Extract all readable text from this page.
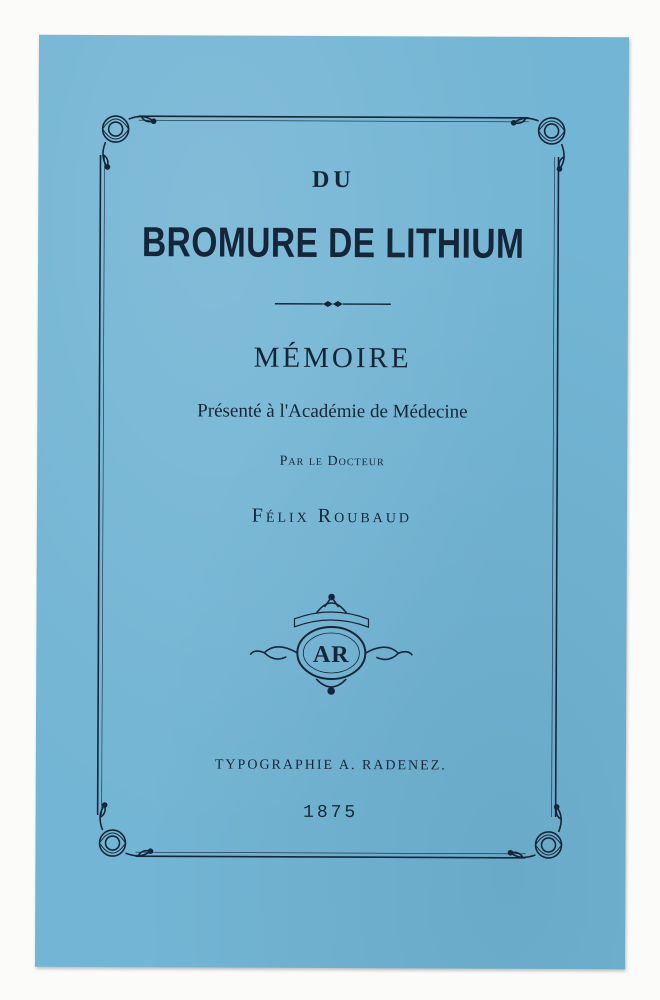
DU
BROMURE DE LITHIUM
MÉMOIRE
Présenté à l'Académie de Médecine
Par le Docteur
Félix Roubaud
AR
TYPOGRAPHIE A. RADENEZ.
1875
